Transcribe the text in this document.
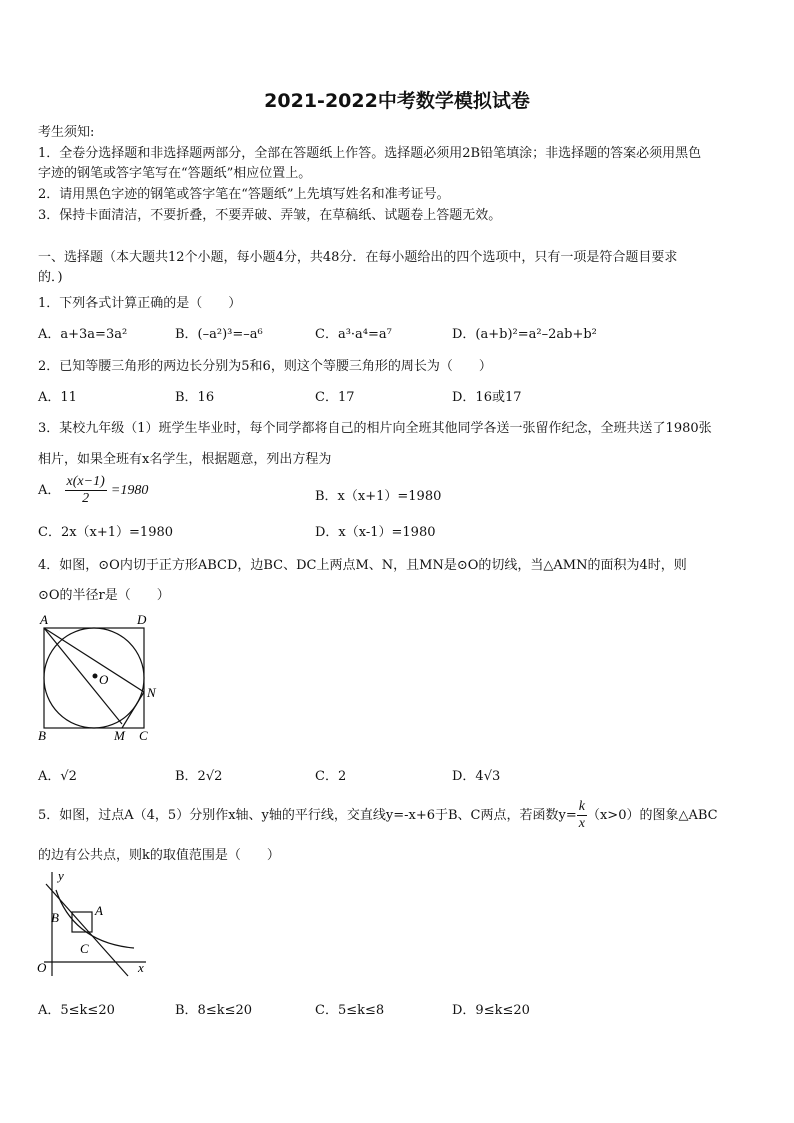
2021-2022中考数学模拟试卷
考生须知:
1．全卷分选择题和非选择题两部分，全部在答题纸上作答。选择题必须用2B铅笔填涂；非选择题的答案必须用黑色
字迹的钢笔或答字笔写在“答题纸”相应位置上。
2．请用黑色字迹的钢笔或答字笔在“答题纸”上先填写姓名和准考证号。
3．保持卡面清洁，不要折叠，不要弄破、弄皱，在草稿纸、试题卷上答题无效。
一、选择题（本大题共12个小题，每小题4分，共48分．在每小题给出的四个选项中，只有一项是符合题目要求
的．)
1．下列各式计算正确的是（　　）
A．a+3a=3a²	B．(–a²)³=–a⁶	C．a³·a⁴=a⁷	D．(a+b)²=a²–2ab+b²
2．已知等腰三角形的两边长分别为5和6，则这个等腰三角形的周长为（　　）
A．11	B．16	C．17	D．16或17
3．某校九年级（1）班学生毕业时，每个同学都将自己的相片向全班其他同学各送一张留作纪念，全班共送了1980张
相片，如果全班有x名学生，根据题意，列出方程为
A． $\frac{x(x-1)}{2} =1980$	B．x（x+1）=1980
C．2x（x+1）=1980	D．x（x-1）=1980
4．如图，⊙O内切于正方形ABCD，边BC、DC上两点M、N，且MN是⊙O的切线，当△AMN的面积为4时，则
⊙O的半径r是（　　）
A	D
B	C
O
M
N
A．√2	B．2√2	C．2	D．4√3
5．如图，过点A（4，5）分别作x轴、y轴的平行线，交直线y=-x+6于B、C两点，若函数$y= \frac{k}{x} (x>0)$的图象△ABC
的边有公共点，则k的取值范围是（　　）
y
x
O
A
B
C
A．5≤k≤20	B．8≤k≤20	C．5≤k≤8	D．9≤k≤20
